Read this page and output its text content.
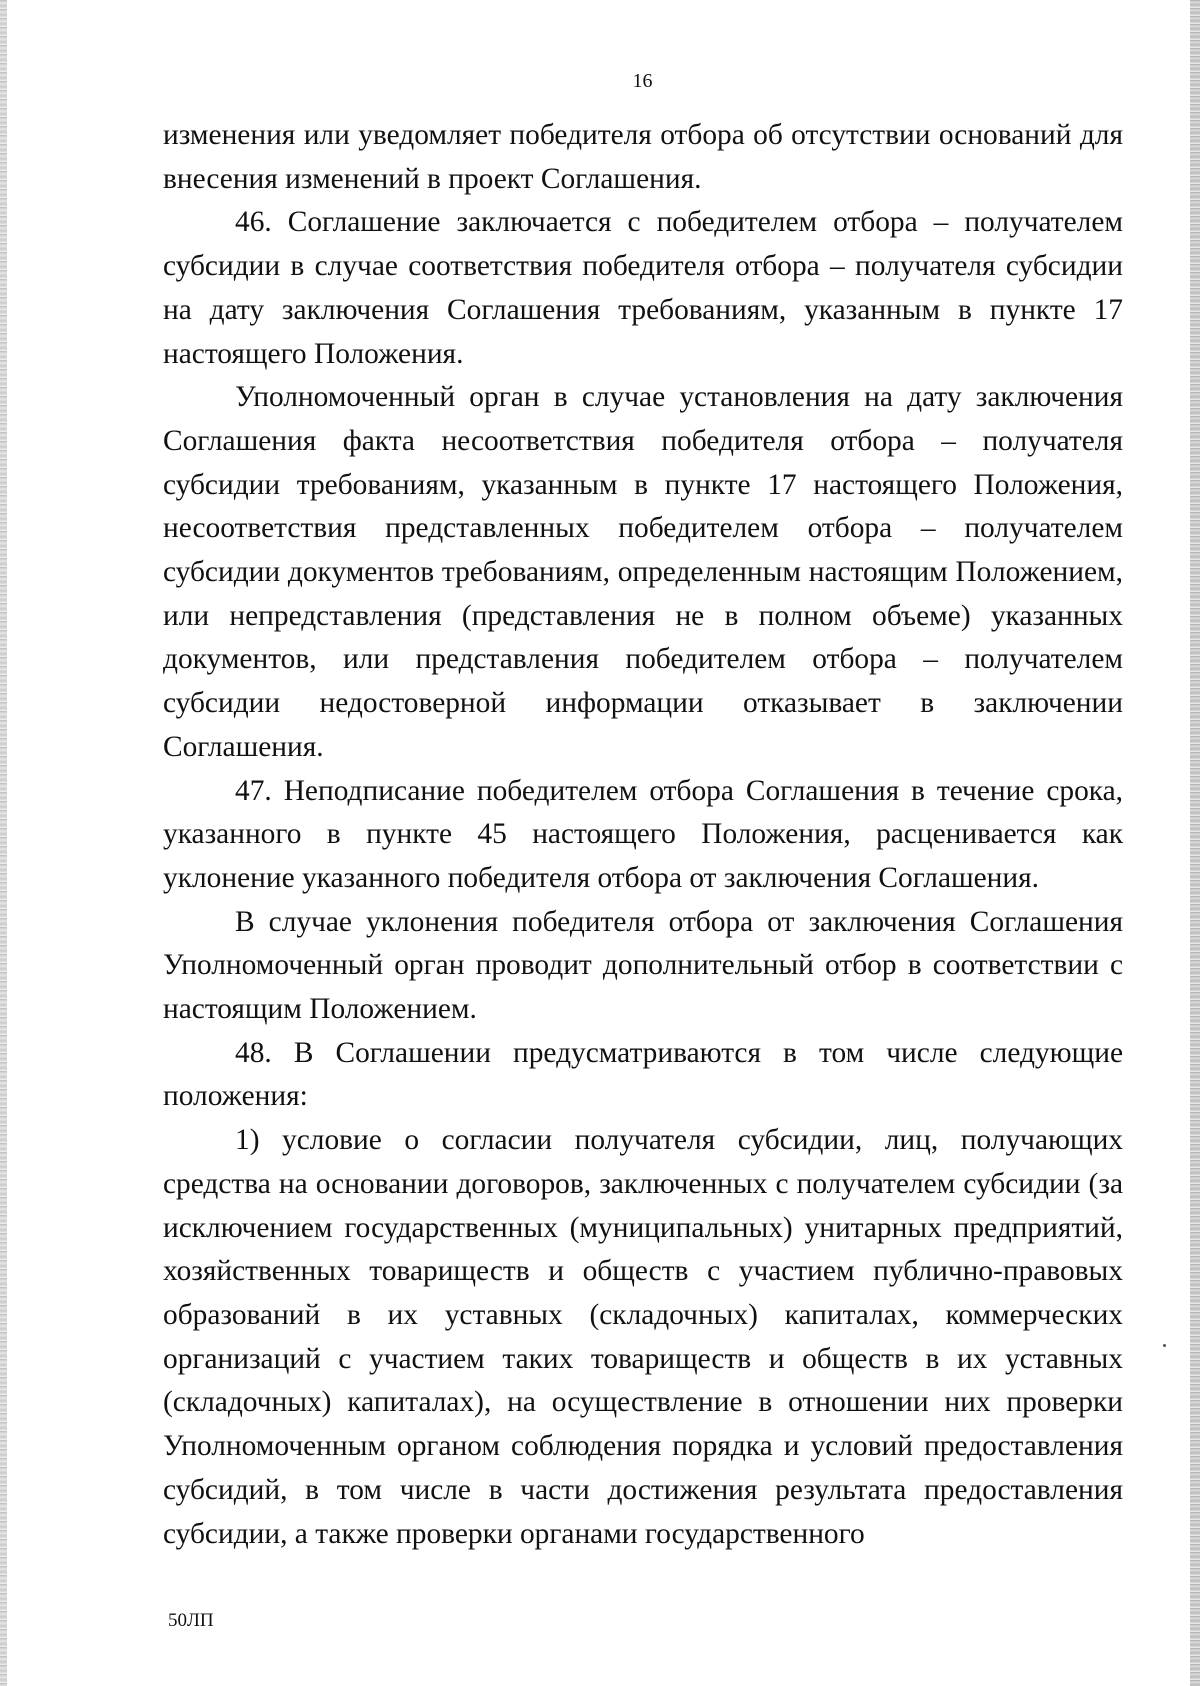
16

изменения или уведомляет победителя отбора об отсутствии оснований для внесения изменений в проект Соглашения.

46. Соглашение заключается с победителем отбора – получателем субсидии в случае соответствия победителя отбора – получателя субсидии на дату заключения Соглашения требованиям, указанным в пункте 17 настоящего Положения.

Уполномоченный орган в случае установления на дату заключения Соглашения факта несоответствия победителя отбора – получателя субсидии требованиям, указанным в пункте 17 настоящего Положения, несоответствия представленных победителем отбора – получателем субсидии документов требованиям, определенным настоящим Положением, или непредставления (представления не в полном объеме) указанных документов, или представления победителем отбора – получателем субсидии недостоверной информации отказывает в заключении Соглашения.

47. Неподписание победителем отбора Соглашения в течение срока, указанного в пункте 45 настоящего Положения, расценивается как уклонение указанного победителя отбора от заключения Соглашения.

В случае уклонения победителя отбора от заключения Соглашения Уполномоченный орган проводит дополнительный отбор в соответствии с настоящим Положением.

48. В Соглашении предусматриваются в том числе следующие положения:

1) условие о согласии получателя субсидии, лиц, получающих средства на основании договоров, заключенных с получателем субсидии (за исключением государственных (муниципальных) унитарных предприятий, хозяйственных товариществ и обществ с участием публично-правовых образований в их уставных (складочных) капиталах, коммерческих организаций с участием таких товариществ и обществ в их уставных (складочных) капиталах), на осуществление в отношении них проверки Уполномоченным органом соблюдения порядка и условий предоставления субсидий, в том числе в части достижения результата предоставления субсидии, а также проверки органами государственного

50ЛП
